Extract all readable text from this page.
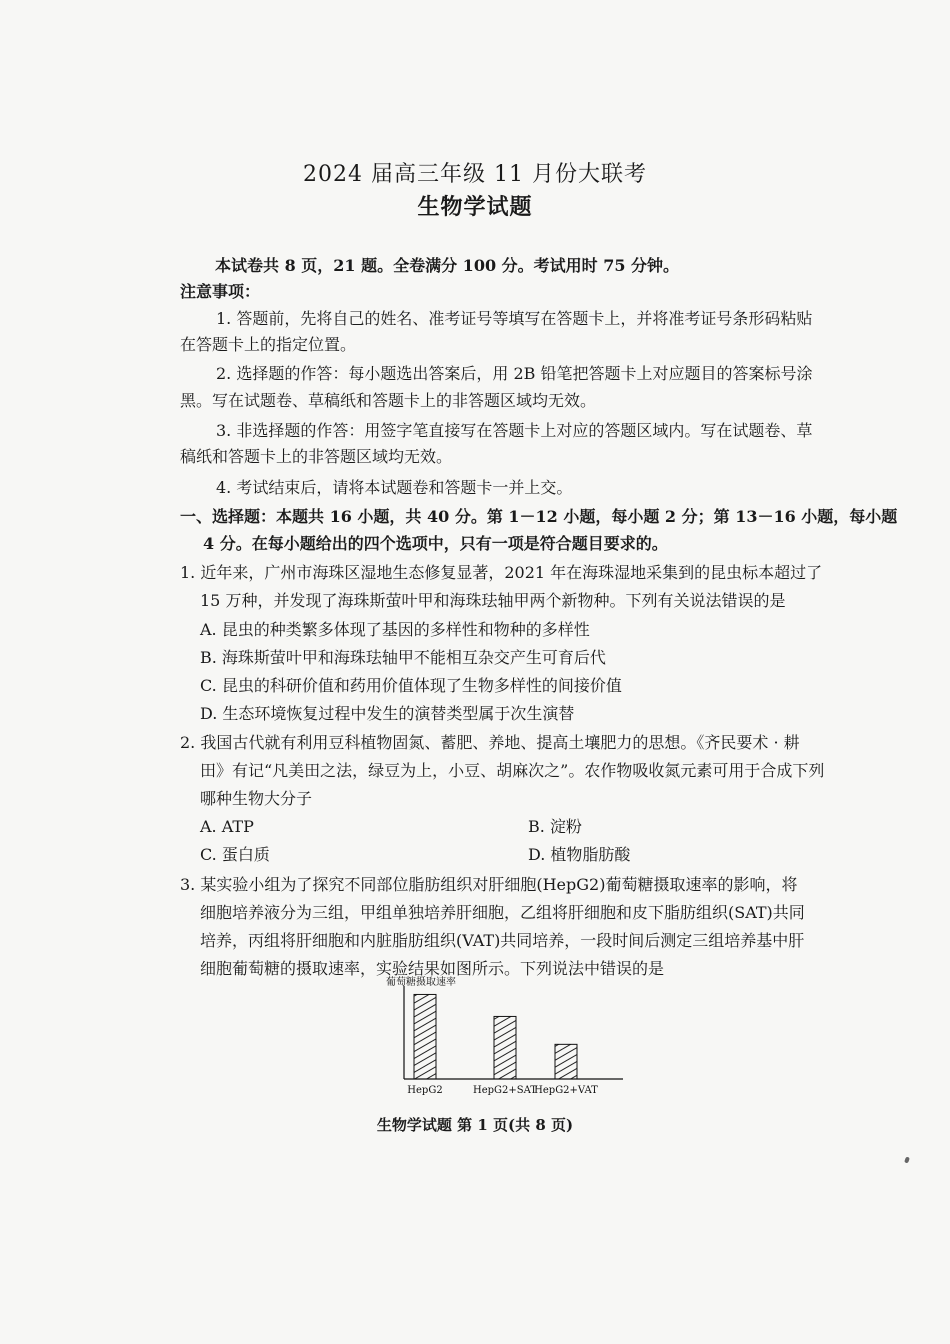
2024 届高三年级 11 月份大联考
生物学试题
本试卷共 8 页，21 题。全卷满分 100 分。考试用时 75 分钟。
注意事项：
1. 答题前，先将自己的姓名、准考证号等填写在答题卡上，并将准考证号条形码粘贴
在答题卡上的指定位置。
2. 选择题的作答：每小题选出答案后，用 2B 铅笔把答题卡上对应题目的答案标号涂
黑。写在试题卷、草稿纸和答题卡上的非答题区域均无效。
3. 非选择题的作答：用签字笔直接写在答题卡上对应的答题区域内。写在试题卷、草
稿纸和答题卡上的非答题区域均无效。
4. 考试结束后，请将本试题卷和答题卡一并上交。
一、选择题：本题共 16 小题，共 40 分。第 1－12 小题，每小题 2 分；第 13－16 小题，每小题
4 分。在每小题给出的四个选项中，只有一项是符合题目要求的。
1. 近年来，广州市海珠区湿地生态修复显著，2021 年在海珠湿地采集到的昆虫标本超过了
15 万种，并发现了海珠斯萤叶甲和海珠珐轴甲两个新物种。下列有关说法错误的是
A. 昆虫的种类繁多体现了基因的多样性和物种的多样性
B. 海珠斯萤叶甲和海珠珐轴甲不能相互杂交产生可育后代
C. 昆虫的科研价值和药用价值体现了生物多样性的间接价值
D. 生态环境恢复过程中发生的演替类型属于次生演替
2. 我国古代就有利用豆科植物固氮、蓄肥、养地、提高土壤肥力的思想。《齐民要术 · 耕
田》有记“凡美田之法，绿豆为上，小豆、胡麻次之”。农作物吸收氮元素可用于合成下列
哪种生物大分子
A. ATP	B. 淀粉
C. 蛋白质	D. 植物脂肪酸
3. 某实验小组为了探究不同部位脂肪组织对肝细胞(HepG2)葡萄糖摄取速率的影响，将
细胞培养液分为三组，甲组单独培养肝细胞，乙组将肝细胞和皮下脂肪组织(SAT)共同
培养，丙组将肝细胞和内脏脂肪组织(VAT)共同培养，一段时间后测定三组培养基中肝
细胞葡萄糖的摄取速率，实验结果如图所示。下列说法中错误的是
葡萄糖摄取速率
HepG2	HepG2+SAT
HepG2+VAT
生物学试题 第 1 页(共 8 页)
